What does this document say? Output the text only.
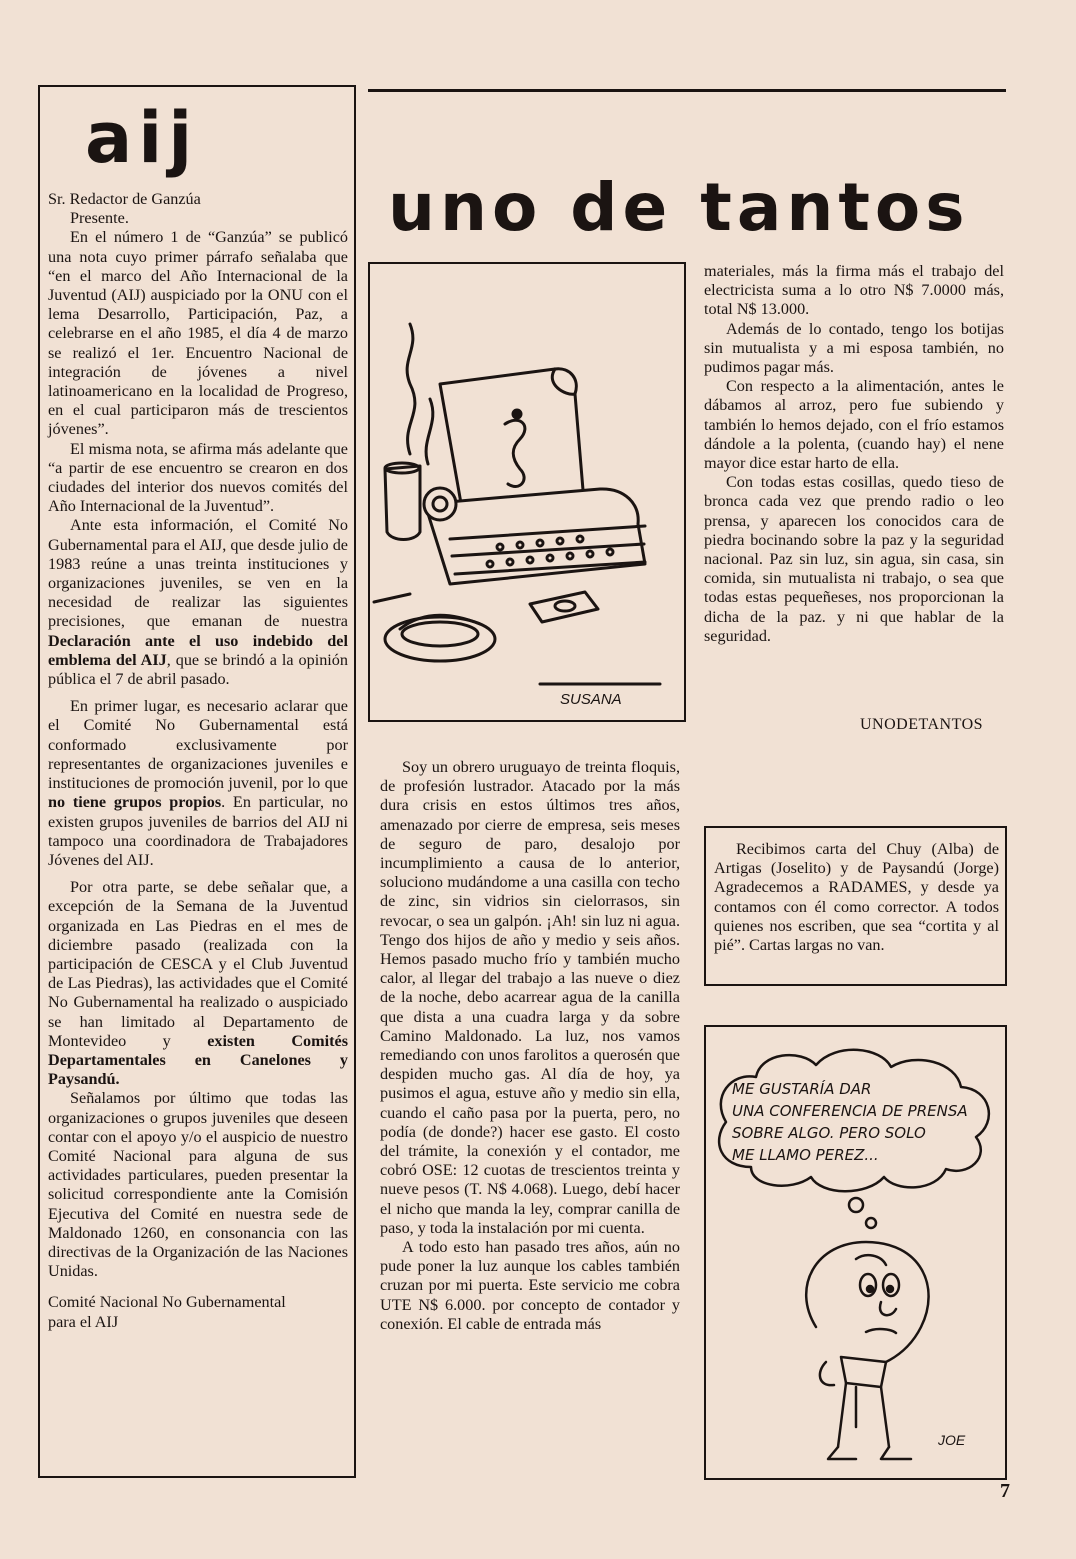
aij

Sr. Redactor de Ganzúa

Presente.

En el número 1 de “Ganzúa” se publicó una nota cuyo primer párrafo señalaba que “en el marco del Año Internacional de la Juventud (AIJ) auspiciado por la ONU con el lema Desarrollo, Participación, Paz, a celebrarse en el año 1985, el día 4 de marzo se realizó el 1er. Encuentro Nacional de integración de jóvenes a nivel latinoamericano en la localidad de Progreso, en el cual participaron más de trescientos jóvenes”.

El misma nota, se afirma más adelante que “a partir de ese encuentro se crearon en dos ciudades del interior dos nuevos comités del Año Internacional de la Juventud”.

Ante esta información, el Comité No Gubernamental para el AIJ, que desde julio de 1983 reúne a unas treinta instituciones y organizaciones juveniles, se ven en la necesidad de realizar las siguientes precisiones, que emanan de nuestra Declaración ante el uso indebido del emblema del AIJ, que se brindó a la opinión pública el 7 de abril pasado.

En primer lugar, es necesario aclarar que el Comité No Gubernamental está conformado exclusivamente por representantes de organizaciones juveniles e instituciones de promoción juvenil, por lo que no tiene grupos propios. En particular, no existen grupos juveniles de barrios del AIJ ni tampoco una coordinadora de Trabajadores Jóvenes del AIJ.

Por otra parte, se debe señalar que, a excepción de la Semana de la Juventud organizada en Las Piedras en el mes de diciembre pasado (realizada con la participación de CESCA y el Club Juventud de Las Piedras), las actividades que el Comité No Gubernamental ha realizado o auspiciado se han limitado al Departamento de Montevideo y existen Comités Departamentales en Canelones y Paysandú.

Señalamos por último que todas las organizaciones o grupos juveniles que deseen contar con el apoyo y/o el auspicio de nuestro Comité Nacional para alguna de sus actividades particulares, pueden presentar la solicitud correspondiente ante la Comisión Ejecutiva del Comité en nuestra sede de Maldonado 1260, en consonancia con las directivas de la Organización de las Naciones Unidas.

Comité Nacional No Gubernamental

para el AIJ

uno de tantos
SUSANA

Soy un obrero uruguayo de treinta floquis, de profesión lustrador. Atacado por la más dura crisis en estos últimos tres años, amenazado por cierre de empresa, seis meses de seguro de paro, desalojo por incumplimiento a causa de lo anterior, soluciono mudándome a una casilla con techo de zinc, sin vidrios sin cielorrasos, sin revocar, o sea un galpón. ¡Ah! sin luz ni agua. Tengo dos hijos de año y medio y seis años. Hemos pasado mucho frío y también mucho calor, al llegar del trabajo a las nueve o diez de la noche, debo acarrear agua de la canilla que dista a una cuadra larga y da sobre Camino Maldonado. La luz, nos vamos remediando con unos farolitos a querosén que despiden mucho gas. Al día de hoy, ya pusimos el agua, estuve año y medio sin ella, cuando el caño pasa por la puerta, pero, no podía (de donde?) hacer ese gasto. El costo del trámite, la conexión y el contador, me cobró OSE: 12 cuotas de trescientos treinta y nueve pesos (T. N$ 4.068). Luego, debí hacer el nicho que manda la ley, comprar canilla de paso, y toda la instalación por mi cuenta.

A todo esto han pasado tres años, aún no pude poner la luz aunque los cables también cruzan por mi puerta. Este servicio me cobra UTE N$ 6.000. por concepto de contador y conexión. El cable de entrada más

materiales, más la firma más el trabajo del electricista suma a lo otro N$ 7.0000 más, total N$ 13.000.

Además de lo contado, tengo los botijas sin mutualista y a mi esposa también, no pudimos pagar más.

Con respecto a la alimentación, antes le dábamos al arroz, pero fue subiendo y también lo hemos dejado, con el frío estamos dándole a la polenta, (cuando hay) el nene mayor dice estar harto de ella.

Con todas estas cosillas, quedo tieso de bronca cada vez que prendo radio o leo prensa, y aparecen los conocidos cara de piedra bocinando sobre la paz y la seguridad nacional. Paz sin luz, sin agua, sin casa, sin comida, sin mutualista ni trabajo, o sea que todas estas pequeñeses, nos proporcionan la dicha de la paz. y ni que hablar de la seguridad.

UNODETANTOS

Recibimos carta del Chuy (Alba) de Artigas (Joselito) y de Paysandú (Jorge) Agradecemos a RADAMES, y desde ya contamos con él como corrector. A todos quienes nos escriben, que sea “cortita y al pié”. Cartas largas no van.

JOE
ME GUSTARÍA DAR
UNA CONFERENCIA DE PRENSA
SOBRE ALGO. PERO SOLO
ME LLAMO PEREZ...
7
